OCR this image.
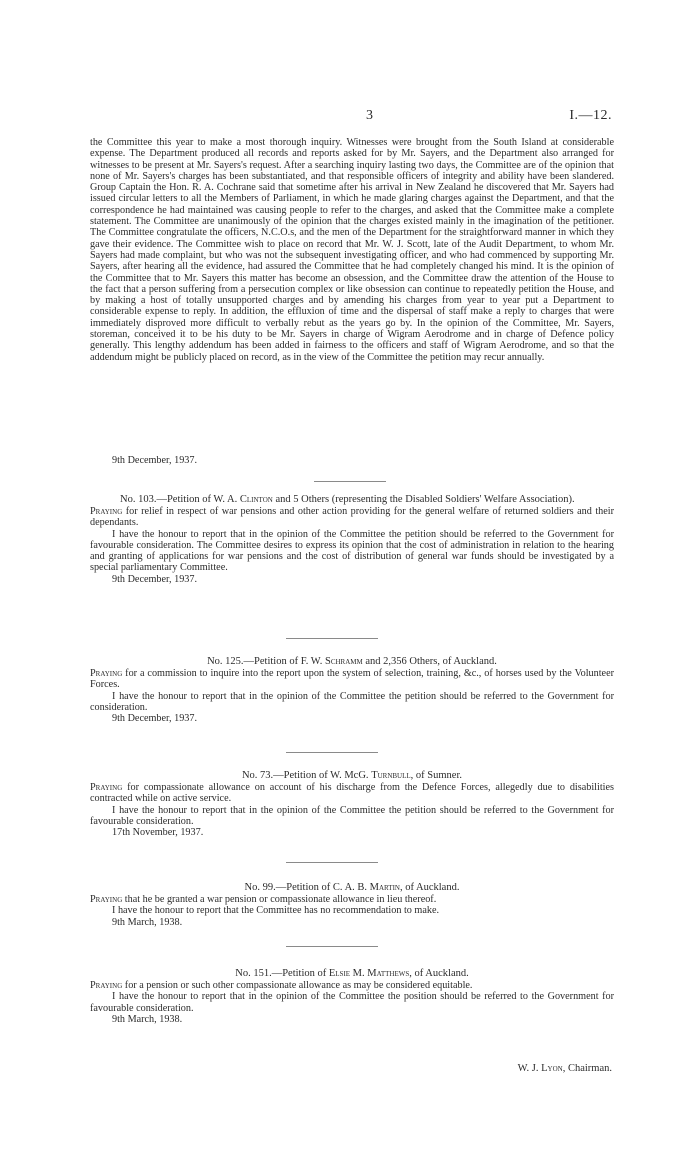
3	I.—12.

the Committee this year to make a most thorough inquiry. Witnesses were brought from the South Island at considerable expense. The Department produced all records and reports asked for by Mr. Sayers, and the Department also arranged for witnesses to be present at Mr. Sayers's request. After a searching inquiry lasting two days, the Committee are of the opinion that none of Mr. Sayers's charges has been substantiated, and that responsible officers of integrity and ability have been slandered. Group Captain the Hon. R. A. Cochrane said that sometime after his arrival in New Zealand he discovered that Mr. Sayers had issued circular letters to all the Members of Parliament, in which he made glaring charges against the Department, and that the correspondence he had maintained was causing people to refer to the charges, and asked that the Committee make a complete statement. The Committee are unanimously of the opinion that the charges existed mainly in the imagination of the petitioner. The Committee congratulate the officers, N.C.O.s, and the men of the Department for the straightforward manner in which they gave their evidence. The Committee wish to place on record that Mr. W. J. Scott, late of the Audit Department, to whom Mr. Sayers had made complaint, but who was not the subsequent investigating officer, and who had commenced by supporting Mr. Sayers, after hearing all the evidence, had assured the Committee that he had completely changed his mind. It is the opinion of the Committee that to Mr. Sayers this matter has become an obsession, and the Committee draw the attention of the House to the fact that a person suffering from a persecution complex or like obsession can continue to repeatedly petition the House, and by making a host of totally unsupported charges and by amending his charges from year to year put a Department to considerable expense to reply. In addition, the effluxion of time and the dispersal of staff make a reply to charges that were immediately disproved more difficult to verbally rebut as the years go by. In the opinion of the Committee, Mr. Sayers, storeman, conceived it to be his duty to be Mr. Sayers in charge of Wigram Aerodrome and in charge of Defence policy generally. This lengthy addendum has been added in fairness to the officers and staff of Wigram Aerodrome, and so that the addendum might be publicly placed on record, as in the view of the Committee the petition may recur annually.

9th December, 1937.

No. 103.—Petition of W. A. Clinton and 5 Others (representing the Disabled Soldiers' Welfare Association).

Praying for relief in respect of war pensions and other action providing for the general welfare of returned soldiers and their dependants.

I have the honour to report that in the opinion of the Committee the petition should be referred to the Government for favourable consideration. The Committee desires to express its opinion that the cost of administration in relation to the hearing and granting of applications for war pensions and the cost of distribution of general war funds should be investigated by a special parliamentary Committee.

9th December, 1937.

No. 125.—Petition of F. W. Schramm and 2,356 Others, of Auckland.

Praying for a commission to inquire into the report upon the system of selection, training, &c., of horses used by the Volunteer Forces.

I have the honour to report that in the opinion of the Committee the petition should be referred to the Government for consideration.

9th December, 1937.

No. 73.—Petition of W. McG. Turnbull, of Sumner.

Praying for compassionate allowance on account of his discharge from the Defence Forces, allegedly due to disabilities contracted while on active service.

I have the honour to report that in the opinion of the Committee the petition should be referred to the Government for favourable consideration.

17th November, 1937.

No. 99.—Petition of C. A. B. Martin, of Auckland.

Praying that he be granted a war pension or compassionate allowance in lieu thereof.

I have the honour to report that the Committee has no recommendation to make.

9th March, 1938.

No. 151.—Petition of Elsie M. Matthews, of Auckland.

Praying for a pension or such other compassionate allowance as may be considered equitable.

I have the honour to report that in the opinion of the Committee the position should be referred to the Government for favourable consideration.

9th March, 1938.

W. J. Lyon, Chairman.
